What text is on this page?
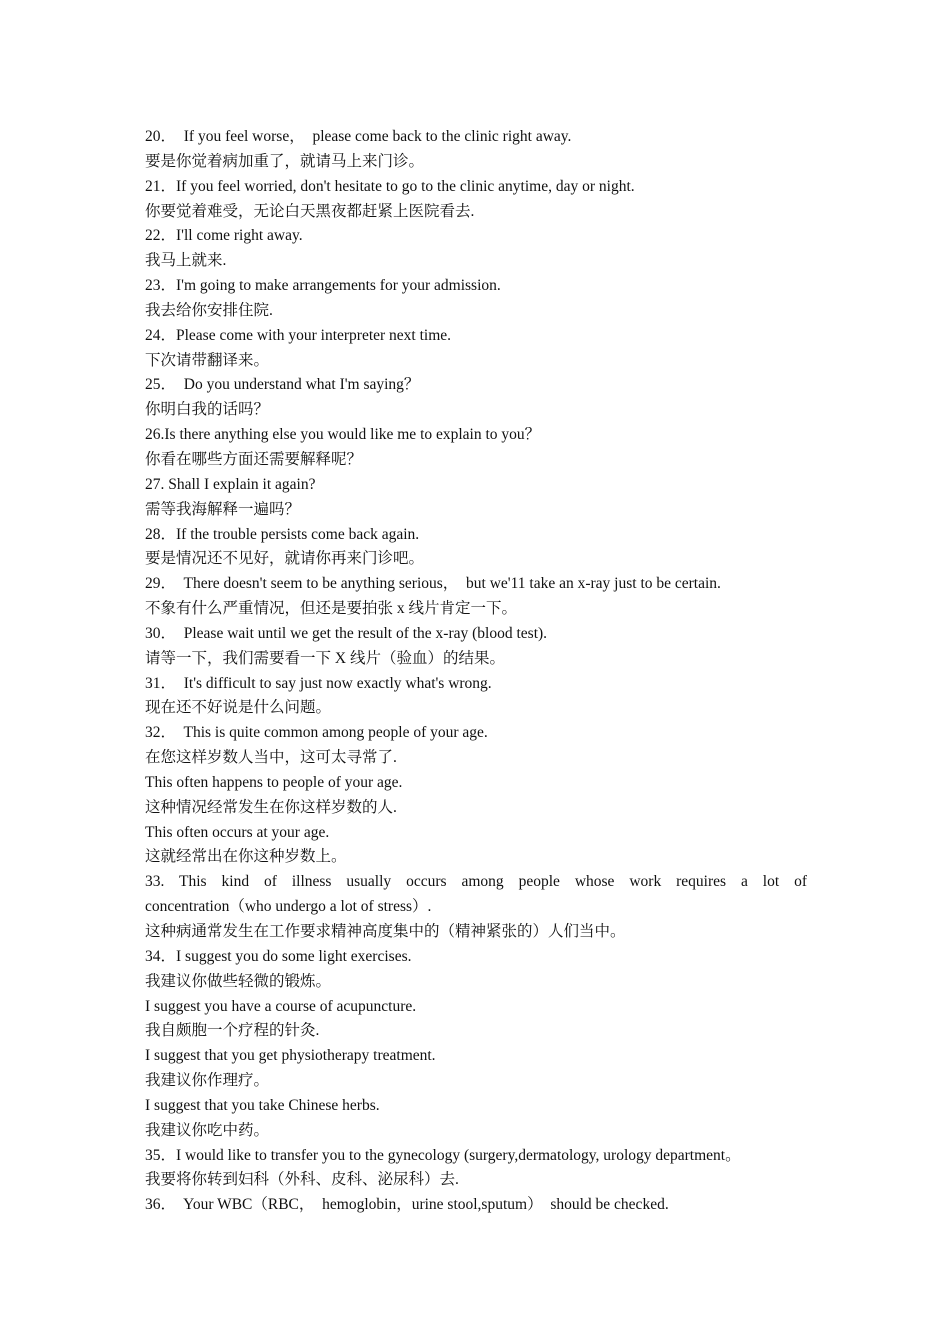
20．  If you feel worse，  please come back to the clinic right away.
要是你觉着病加重了，就请马上来门诊。
21．If you feel worried, don't hesitate to go to the clinic anytime, day or night.
你要觉着难受，无论白天黑夜都赶紧上医院看去.
22．I'll come right away.
我马上就来.
23．I'm going to make arrangements for your admission.
我去给你安排住院.
24．Please come with your interpreter next time.
下次请带翻译来。
25．  Do you understand what I'm saying？
你明白我的话吗？
26.Is there anything else you would like me to explain to you？
你看在哪些方面还需要解释呢？
27. Shall I explain it again?
需等我海解释一遍吗？
28．If the trouble persists come back again.
要是情况还不见好，就请你再来门诊吧。
29．  There doesn't seem to be anything serious，  but we'11 take an x-ray just to be certain.
不象有什么严重情况，但还是要拍张 x 线片肯定一下。
30．  Please wait until we get the result of the x-ray (blood test).
请等一下，我们需要看一下 X 线片（验血）的结果。
31．  It's difficult to say just now exactly what's wrong.
现在还不好说是什么问题。
32．  This is quite common among people of your age.
在您这样岁数人当中，这可太寻常了.
This often happens to people of your age.
这种情况经常发生在你这样岁数的人.
This often occurs at your age.
这就经常出在你这种岁数上。
33. This kind of illness usually occurs among people whose work requires a lot of
concentration（who undergo a lot of stress）.
这种病通常发生在工作要求精神高度集中的（精神紧张的）人们当中。
34．I suggest you do some light exercises.
我建议你做些轻微的锻炼。
I suggest you have a course of acupuncture.
我自颇胞一个疗程的针灸.
I suggest that you get physiotherapy treatment.
我建议你作理疗。
I suggest that you take Chinese herbs.
我建议你吃中药。
35．I would like to transfer you to the gynecology (surgery,dermatology, urology department。
我要将你转到妇科（外科、皮科、泌尿科）去.
36．  Your WBC（RBC，  hemoglobin，urine stool,sputum）  should be checked.
